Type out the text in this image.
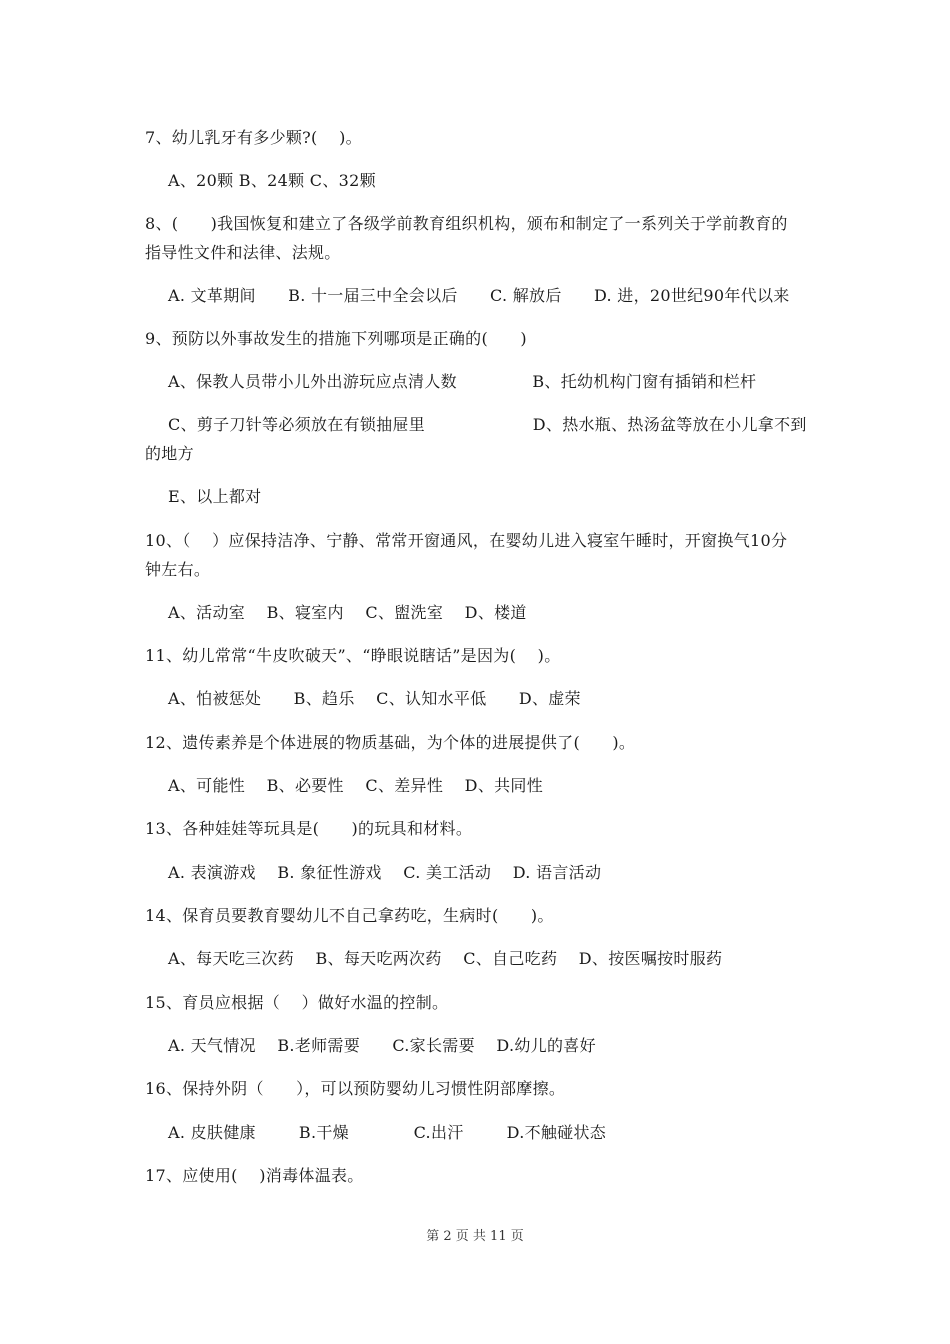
7、幼儿乳牙有多少颗?(    )。

A、20颗 B、24颗 C、32颗

8、(      )我国恢复和建立了各级学前教育组织机构，颁布和制定了一系列关于学前教育的

指导性文件和法律、法规。

A. 文革期间      B. 十一届三中全会以后      C. 解放后      D. 进，20世纪90年代以来

9、预防以外事故发生的措施下列哪项是正确的(      )

A、保教人员带小儿外出游玩应点清人数              B、托幼机构门窗有插销和栏杆

C、剪子刀针等必须放在有锁抽屉里                    D、热水瓶、热汤盆等放在小儿拿不到

的地方

E、以上都对

10、（    ）应保持洁净、宁静、常常开窗通风，在婴幼儿进入寝室午睡时，开窗换气10分

钟左右。

A、活动室    B、寝室内    C、盥洗室    D、楼道

11、幼儿常常“牛皮吹破天”、“睁眼说瞎话”是因为(    )。

A、怕被惩处      B、趋乐    C、认知水平低      D、虚荣

12、遗传素养是个体进展的物质基础，为个体的进展提供了(      )。

A、可能性    B、必要性    C、差异性    D、共同性

13、各种娃娃等玩具是(      )的玩具和材料。

A. 表演游戏    B. 象征性游戏    C. 美工活动    D. 语言活动

14、保育员要教育婴幼儿不自己拿药吃，生病时(      )。

A、每天吃三次药    B、每天吃两次药    C、自己吃药    D、按医嘱按时服药

15、育员应根据（    ）做好水温的控制。

A. 天气情况    B.老师需要      C.家长需要    D.幼儿的喜好

16、保持外阴（      ），可以预防婴幼儿习惯性阴部摩擦。

A. 皮肤健康        B.干燥            C.出汗        D.不触碰状态

17、应使用(    )消毒体温表。

第 2 页 共 11 页
